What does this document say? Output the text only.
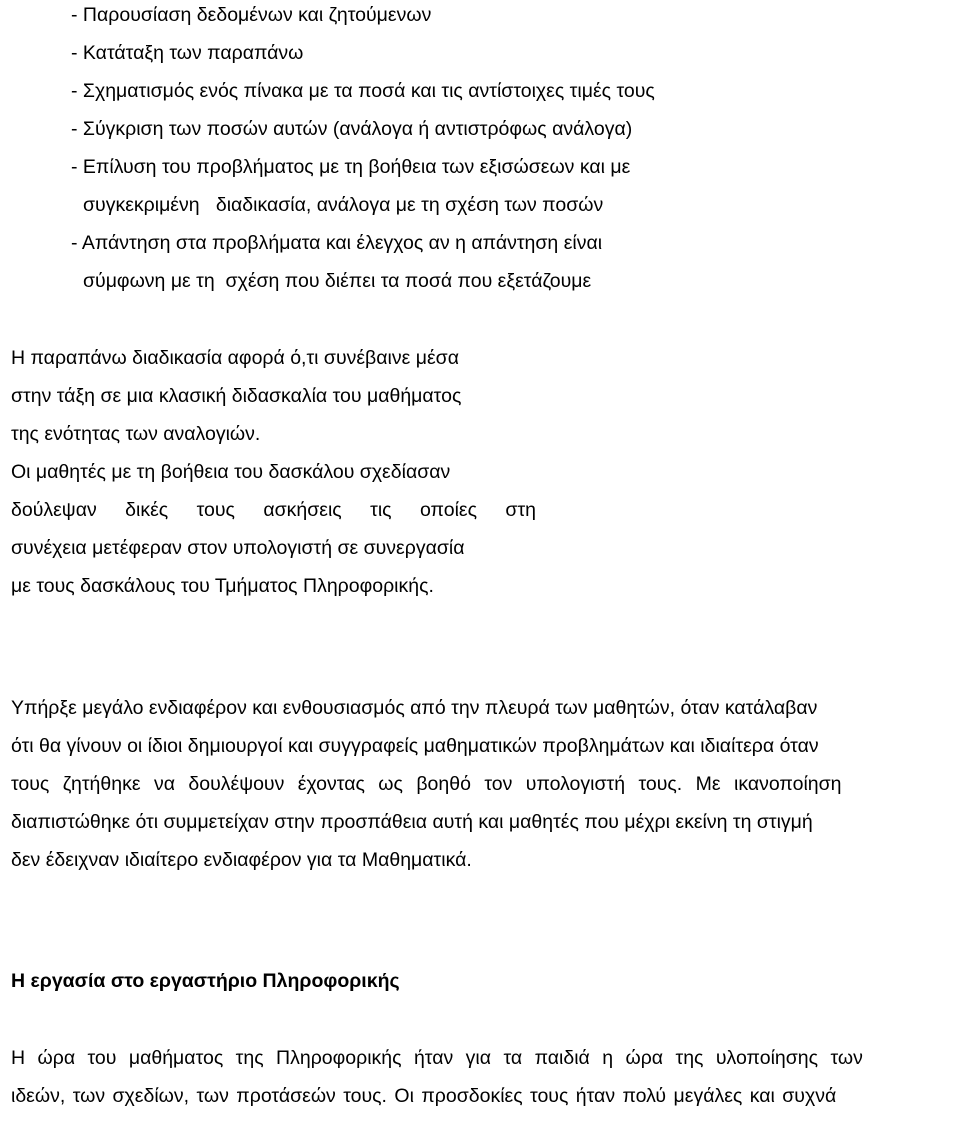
- Παρουσίαση δεδομένων και ζητούμενων
- Κατάταξη των παραπάνω
- Σχηματισμός ενός πίνακα με τα ποσά και τις αντίστοιχες τιμές τους
- Σύγκριση των ποσών αυτών (ανάλογα ή αντιστρόφως ανάλογα)
- Επίλυση του προβλήματος με τη βοήθεια των εξισώσεων και με
συγκεκριμένη   διαδικασία, ανάλογα με τη σχέση των ποσών
- Απάντηση στα προβλήματα και έλεγχος αν η απάντηση είναι
σύμφωνη με τη  σχέση που διέπει τα ποσά που εξετάζουμε
Η παραπάνω διαδικασία αφορά ό,τι συνέβαινε μέσα
στην τάξη σε μια κλασική διδασκαλία του μαθήματος
της ενότητας των αναλογιών.
Οι μαθητές με τη βοήθεια του δασκάλου σχεδίασαν
δούλεψαν δικές τους ασκήσεις τις οποίες στη
συνέχεια μετέφεραν στον υπολογιστή σε συνεργασία
με τους δασκάλους του Τμήματος Πληροφορικής.
Υπήρξε μεγάλο ενδιαφέρον και ενθουσιασμός από την πλευρά των μαθητών, όταν κατάλαβαν
ότι θα γίνουν οι ίδιοι δημιουργοί και συγγραφείς μαθηματικών προβλημάτων και ιδιαίτερα όταν
τους ζητήθηκε να δουλέψουν έχοντας ως βοηθό τον υπολογιστή τους. Με ικανοποίηση
διαπιστώθηκε ότι συμμετείχαν στην προσπάθεια αυτή και μαθητές που μέχρι εκείνη τη στιγμή
δεν έδειχναν ιδιαίτερο ενδιαφέρον για τα Μαθηματικά.
Η εργασία στο εργαστήριο Πληροφορικής
Η ώρα του μαθήματος της Πληροφορικής ήταν για τα παιδιά η ώρα της υλοποίησης των
ιδεών, των σχεδίων, των προτάσεών τους. Οι προσδοκίες τους ήταν πολύ μεγάλες και συχνά
